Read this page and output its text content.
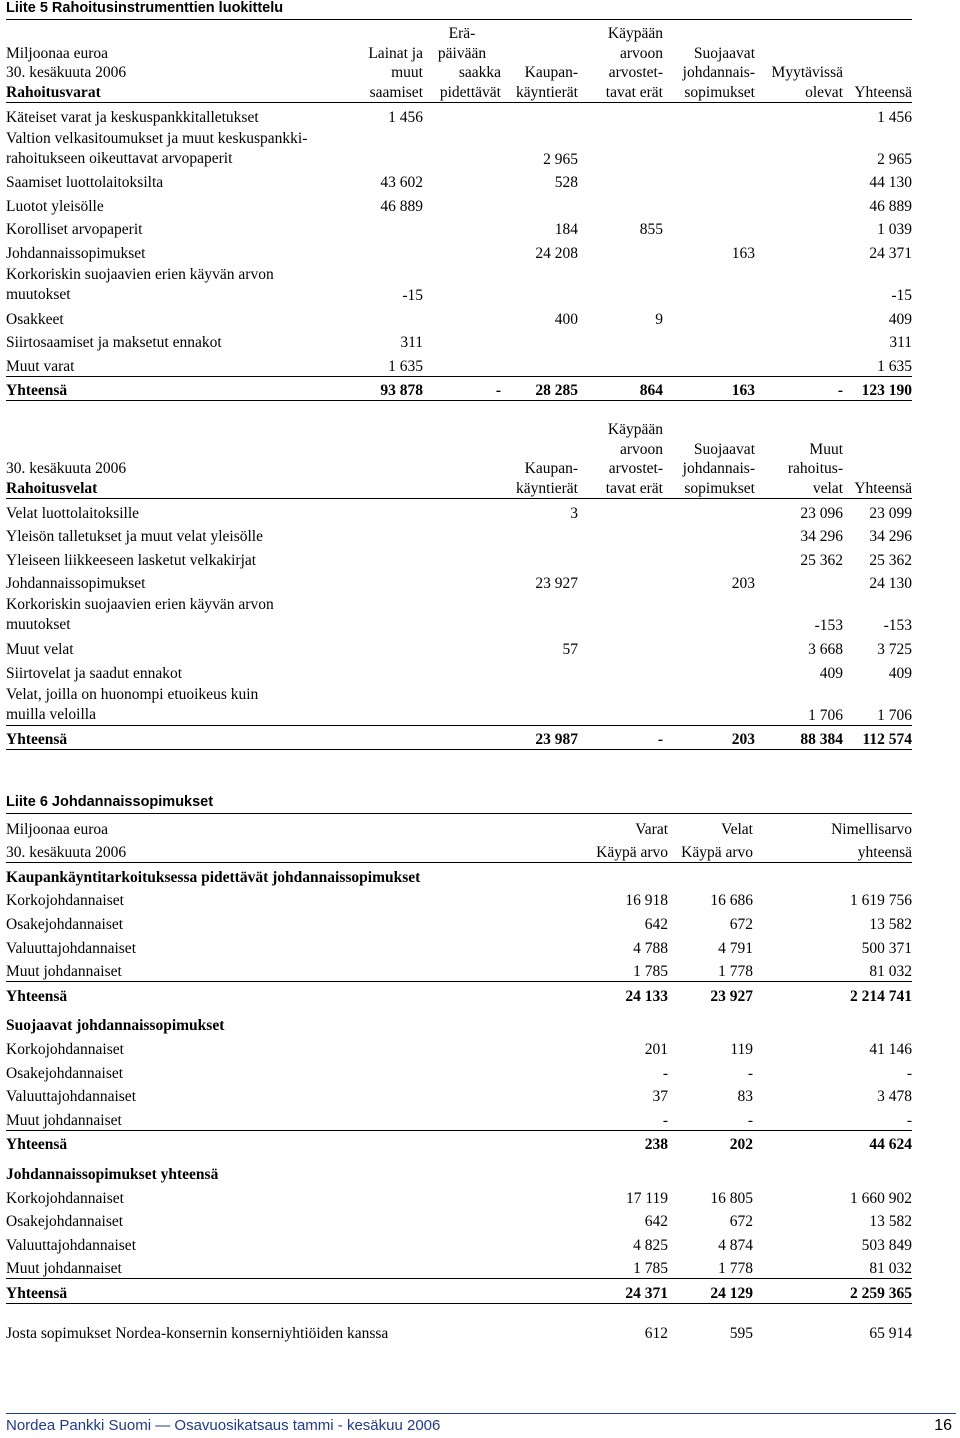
Liite 5 Rahoitusinstrumenttien luokittelu
		Erä-		Käypään			
Miljoonaa euroa	Lainat ja	päivään		arvoon	Suojaavat		
30. kesäkuuta 2006	muut	saakka	Kaupan-	arvostet-	johdannais-	Myytävissä	
Rahoitusvarat	saamiset	pidettävät	käyntierät	tavat erät	sopimukset	olevat	Yhteensä
Käteiset varat ja keskuspankkitalletukset	1 456						1 456

Valtion velkasitoumukset ja muut keskuspankki-
rahoitukseen oikeuttavat arvopaperit			2 965				2 965
Saamiset luottolaitoksilta	43 602		528				44 130
Luotot yleisölle	46 889						46 889
Korolliset arvopaperit			184	855			1 039
Johdannaissopimukset			24 208		163		24 371

Korkoriskin suojaavien erien käyvän arvon
muutokset	-15						-15
Osakkeet			400	9			409
Siirtosaamiset ja maksetut ennakot	311						311
Muut varat	1 635						1 635
Yhteensä	93 878	-	28 285	864	163	-	123 190
			Käypään			
			arvoon	Suojaavat	Muut	
30. kesäkuuta 2006		Kaupan-	arvostet-	johdannais-	rahoitus-	
Rahoitusvelat		käyntierät	tavat erät	sopimukset	velat	Yhteensä
Velat luottolaitoksille		3			23 096	23 099
Yleisön talletukset ja muut velat yleisölle					34 296	34 296
Yleiseen liikkeeseen lasketut velkakirjat					25 362	25 362
Johdannaissopimukset		23 927		203		24 130

Korkoriskin suojaavien erien käyvän arvon
muutokset					-153	-153
Muut velat		57			3 668	3 725
Siirtovelat ja saadut ennakot					409	409

Velat, joilla on huonompi etuoikeus kuin
muilla veloilla					1 706	1 706
Yhteensä		23 987	-	203	88 384	112 574
Liite 6 Johdannaissopimukset
Miljoonaa euroa	Varat	Velat	Nimellisarvo
30. kesäkuuta 2006	Käypä arvo	Käypä arvo	yhteensä
Kaupankäyntitarkoituksessa pidettävät johdannaissopimukset			
Korkojohdannaiset	16 918	16 686	1 619 756
Osakejohdannaiset	642	672	13 582
Valuuttajohdannaiset	4 788	4 791	500 371
Muut johdannaiset	1 785	1 778	81 032
Yhteensä	24 133	23 927	2 214 741

Suojaavat johdannaissopimukset			
Korkojohdannaiset	201	119	41 146
Osakejohdannaiset	-	-	-
Valuuttajohdannaiset	37	83	3 478
Muut johdannaiset	-	-	-
Yhteensä	238	202	44 624

Johdannaissopimukset yhteensä			
Korkojohdannaiset	17 119	16 805	1 660 902
Osakejohdannaiset	642	672	13 582
Valuuttajohdannaiset	4 825	4 874	503 849
Muut johdannaiset	1 785	1 778	81 032
Yhteensä	24 371	24 129	2 259 365

Josta sopimukset Nordea-konsernin konserniyhtiöiden kanssa	612	595	65 914
Nordea Pankki Suomi — Osavuosikatsaus tammi - kesäkuu 2006	16
